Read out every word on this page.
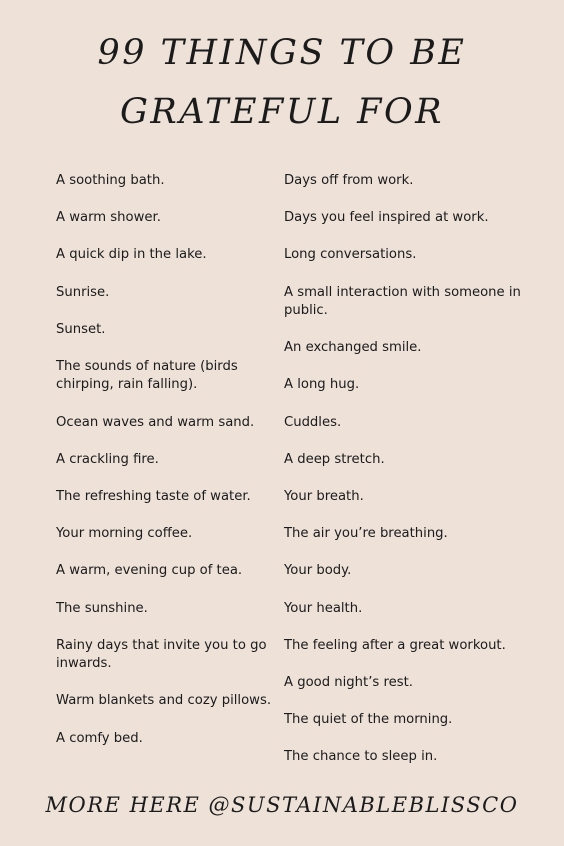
99 THINGS TO BE
GRATEFUL FOR
A soothing bath.
A warm shower.
A quick dip in the lake.
Sunrise.
Sunset.
The sounds of nature (birds chirping, rain falling).
Ocean waves and warm sand.
A crackling fire.
The refreshing taste of water.
Your morning coffee.
A warm, evening cup of tea.
The sunshine.
Rainy days that invite you to go inwards.
Warm blankets and cozy pillows.
A comfy bed.
Days off from work.
Days you feel inspired at work.
Long conversations.
A small interaction with someone in public.
An exchanged smile.
A long hug.
Cuddles.
A deep stretch.
Your breath.
The air you’re breathing.
Your body.
Your health.
The feeling after a great workout.
A good night’s rest.
The quiet of the morning.
The chance to sleep in.

MORE HERE @SUSTAINABLEBLISSCO
